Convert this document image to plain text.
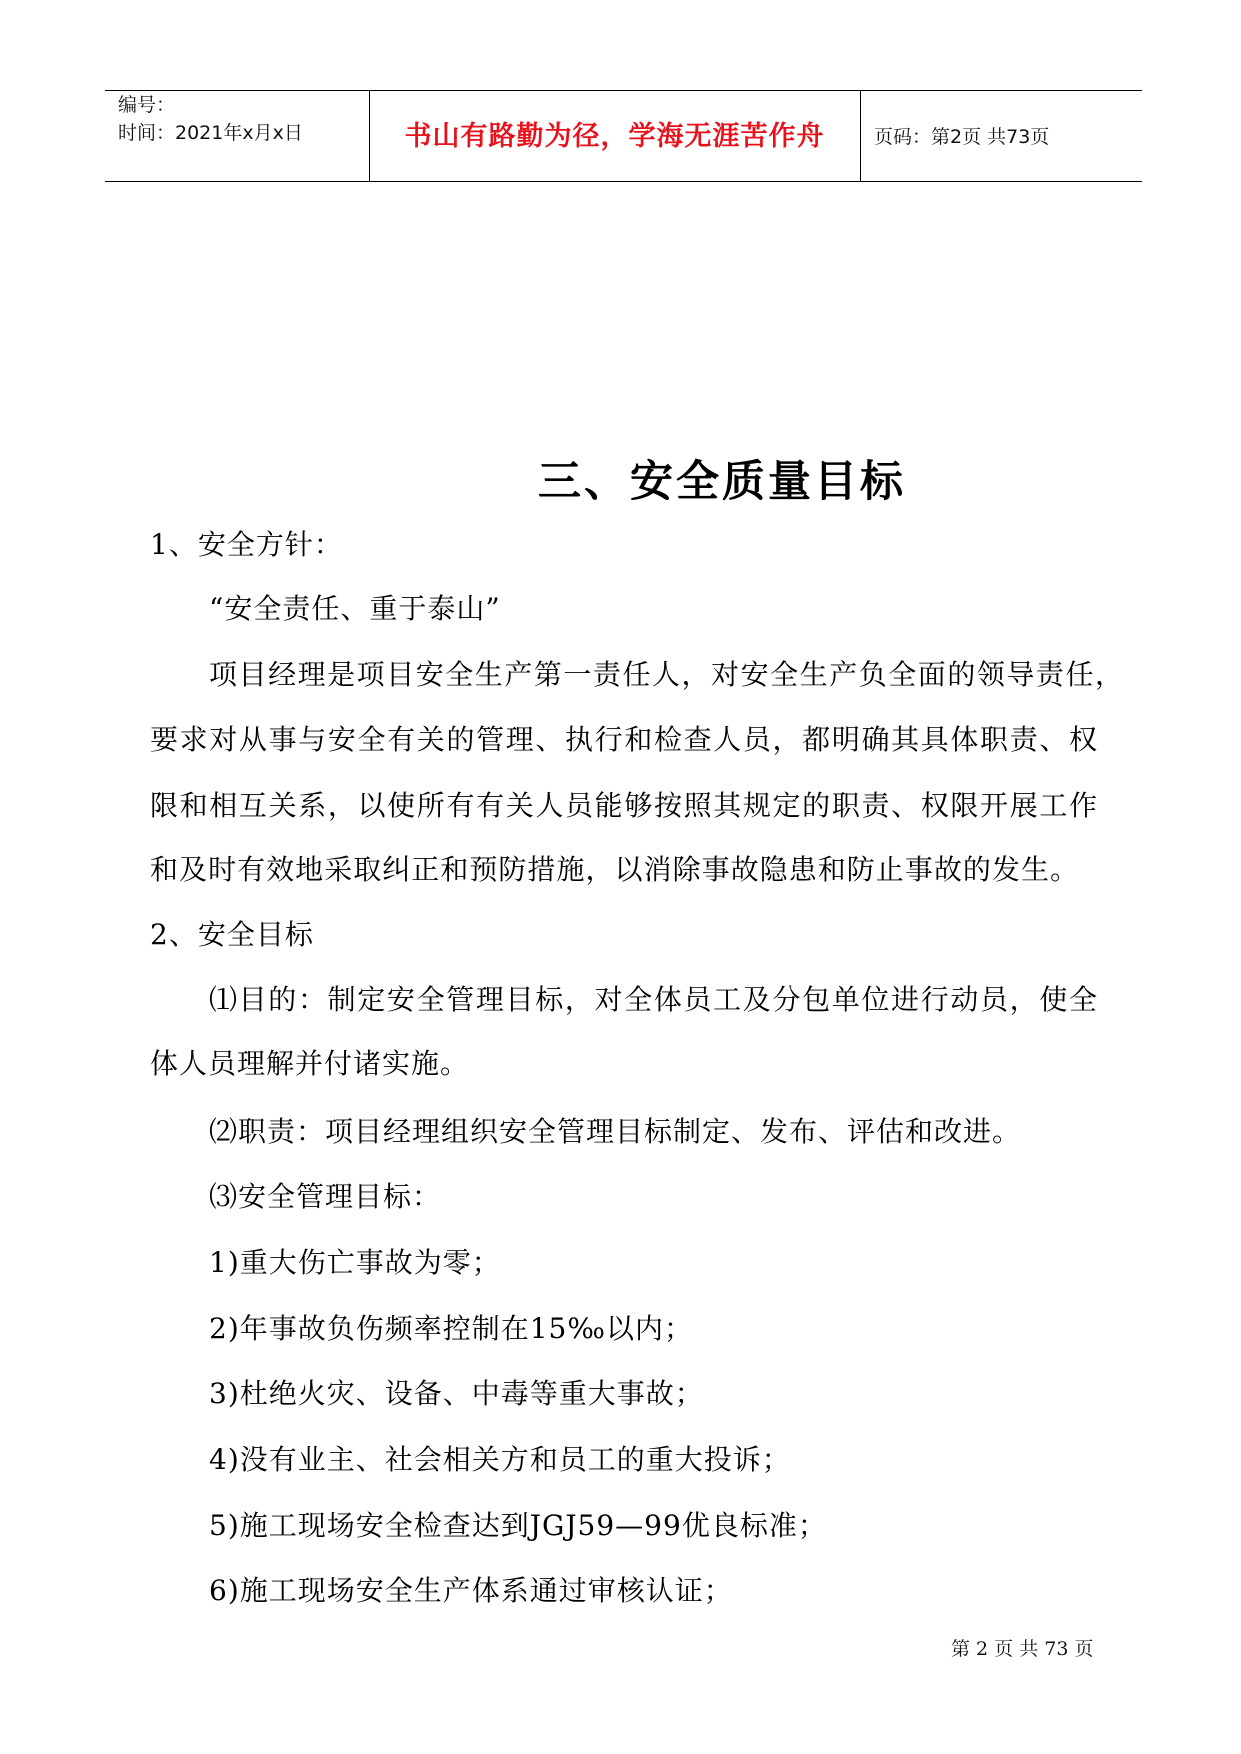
编号：
时间：2021年x月x日	书山有路勤为径，学海无涯苦作舟	页码：第2页 共73页
三、安全质量目标
1、安全方针：
“安全责任、重于泰山”
项目经理是项目安全生产第一责任人，对安全生产负全面的领导责任，
要求对从事与安全有关的管理、执行和检查人员，都明确其具体职责、权
限和相互关系，以使所有有关人员能够按照其规定的职责、权限开展工作
和及时有效地采取纠正和预防措施，以消除事故隐患和防止事故的发生。
2、安全目标
⑴目的：制定安全管理目标，对全体员工及分包单位进行动员，使全
体人员理解并付诸实施。
⑵职责：项目经理组织安全管理目标制定、发布、评估和改进。
⑶安全管理目标：
1)重大伤亡事故为零；
2)年事故负伤频率控制在15‰以内；
3)杜绝火灾、设备、中毒等重大事故；
4)没有业主、社会相关方和员工的重大投诉；
5)施工现场安全检查达到JGJ59—99优良标准；
6)施工现场安全生产体系通过审核认证；
第 2 页 共 73 页
